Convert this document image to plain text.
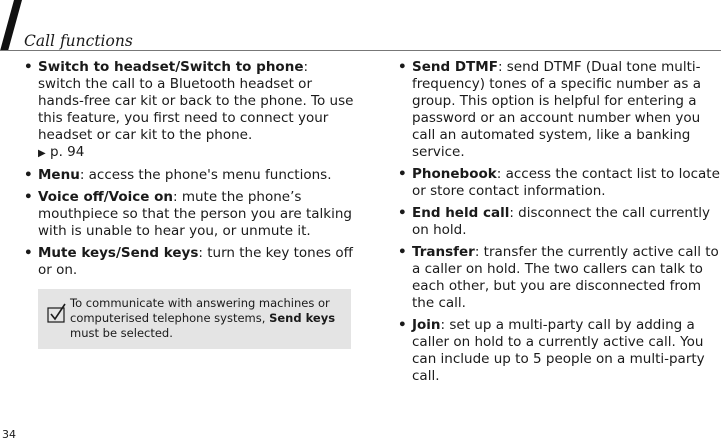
Call functions
• Switch to headset/Switch to phone: switch the call to a Bluetooth headset or hands-free car kit or back to the phone. To use this feature, you first need to connect your headset or car kit to the phone.
▶ p. 94
• Menu: access the phone's menu functions.
• Voice off/Voice on: mute the phone’s mouthpiece so that the person you are talking with is unable to hear you, or unmute it.
• Mute keys/Send keys: turn the key tones off or on.
To communicate with answering machines or computerised telephone systems, Send keys must be selected.
• Send DTMF: send DTMF (Dual tone multi-frequency) tones of a specific number as a group. This option is helpful for entering a password or an account number when you call an automated system, like a banking service.
• Phonebook: access the contact list to locate or store contact information.
• End held call: disconnect the call currently on hold.
• Transfer: transfer the currently active call to a caller on hold. The two callers can talk to each other, but you are disconnected from the call.
• Join: set up a multi-party call by adding a caller on hold to a currently active call. You can include up to 5 people on a multi-party call.
34
